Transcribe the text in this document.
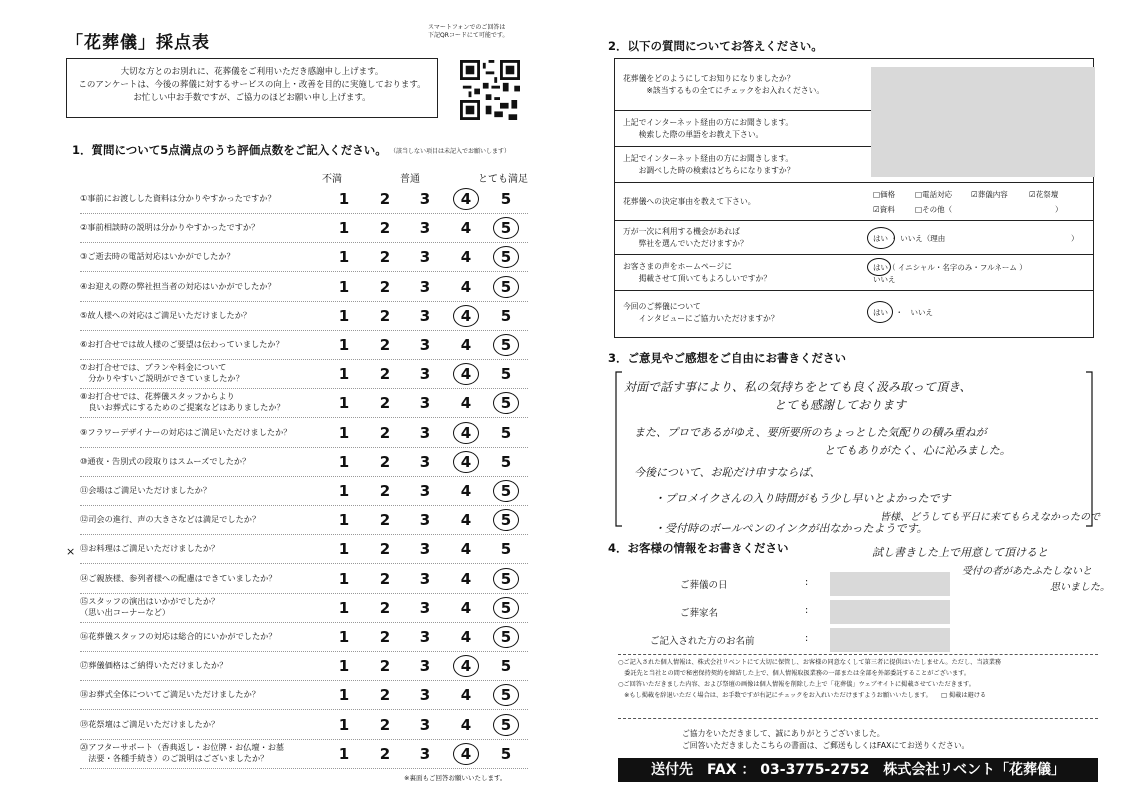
「花葬儀」採点表
スマートフォンでのご回答は
下記QRコードにて可能です。
大切な方とのお別れに、花葬儀をご利用いただき感謝申し上げます。
このアンケートは、今後の葬儀に対するサービスの向上・改善を目的に実施しております。
お忙しい中お手数ですが、ご協力のほどお願い申し上げます。
1．質問について5点満点のうち評価点数をご記入ください。 （該当しない項目は未記入でお願いします）
不満	普通	とても満足
①事前にお渡しした資料は分かりやすかったですか？	1 2 3 4 5
②事前相談時の説明は分かりやすかったですか？	1 2 3 4 5
③ご逝去時の電話対応はいかがでしたか？	1 2 3 4 5
④お迎えの際の弊社担当者の対応はいかがでしたか？	1 2 3 4 5
⑤故人様への対応はご満足いただけましたか？	1 2 3 4 5
⑥お打合せでは故人様のご要望は伝わっていましたか？	1 2 3 4 5
⑦お打合せでは、プランや料金について
　分かりやすいご説明ができていましたか？	1 2 3 4 5
⑧お打合せでは、花葬儀スタッフからより
　良いお葬式にするためのご提案などはありましたか？	1 2 3 4 5
⑨フラワーデザイナーの対応はご満足いただけましたか？	1 2 3 4 5
⑩通夜・告別式の段取りはスムーズでしたか？	1 2 3 4 5
⑪会場はご満足いただけましたか？	1 2 3 4 5
⑫司会の進行、声の大きさなどは満足でしたか？	1 2 3 4 5
⑬お料理はご満足いただけましたか？	1 2 3 4 5
⑭ご親族様、参列者様への配慮はできていましたか？	1 2 3 4 5
⑮スタッフの演出はいかがでしたか？
（思い出コーナーなど）	1 2 3 4 5
⑯花葬儀スタッフの対応は総合的にいかがでしたか？	1 2 3 4 5
⑰葬儀価格はご納得いただけましたか？	1 2 3 4 5
⑱お葬式全体についてご満足いただけましたか？	1 2 3 4 5
⑲花祭壇はご満足いただけましたか？	1 2 3 4 5
⑳アフターサポート（香典返し・お位牌・お仏壇・お墓
　法要・各種手続き）のご説明はございましたか？	1 2 3 4 5
×
※裏面もご回答お願いいたします。
2．以下の質問についてお答えください。
花葬儀をどのようにしてお知りになりましたか？
　　　※該当するもの全てにチェックをお入れください。
上記でインターネット経由の方にお聞きします。
　　検索した際の単語をお教え下さい。
上記でインターネット経由の方にお聞きします。
　　お調べした時の検索はどちらになりますか？
花葬儀への決定事由を教えて下さい。
□価格	□電話対応	☑葬儀内容	☑花祭壇
☑資料	□その他（	）
万が一次に利用する機会があれば
　　弊社を選んでいただけますか？
はい ・ いいえ（理由	）
お客さまの声をホームページに
　　掲載させて頂いてもよろしいですか？
はい（ イニシャル・名字のみ・フルネーム ）
いいえ
今回のご葬儀について
　　インタビューにご協力いただけますか？
はい　・　いいえ
3．ご意見やご感想をご自由にお書きください
対面で話す事により、私の気持ちをとても良く汲み取って頂き、
とても感謝しております
また、プロであるがゆえ、要所要所のちょっとした気配りの積み重ねが
とてもありがたく、心に沁みました。
今後について、お恥だけ申すならば、
・プロメイクさんの入り時間がもう少し早いとよかったです
皆様、どうしても平日に来てもらえなかったので
・受付時のボールペンのインクが出なかったようです。
試し書きした上で用意して頂けると
受付の者があたふたしないと
思いました。
4．お客様の情報をお書きください
ご葬儀の日	:
ご葬家名	:
ご記入された方のお名前	:
○ご記入された個人情報は、株式会社リベントにて大切に保管し、お客様の同意なくして第三者に提供はいたしません。ただし、当該業務
　委託先と当社との間で秘密保持契約を締結した上で、個人情報取扱業務の一部または全部を外部委託することがございます。
○ご回答いただきました内容、および祭壇の画像は個人情報を削除した上で「花葬儀」ウェブサイトに掲載させていただきます。
　※もし掲載を辞退いただく場合は、お手数ですが右記にチェックをお入れいただけますようお願いいたします。　　□ 掲載は避ける
ご協力をいただきまして、誠にありがとうございました。
ご回答いただきましたこちらの書面は、ご郵送もしくはFAXにてお送りください。
送付先　FAX ： 03-3775-2752　株式会社リベント「花葬儀」
